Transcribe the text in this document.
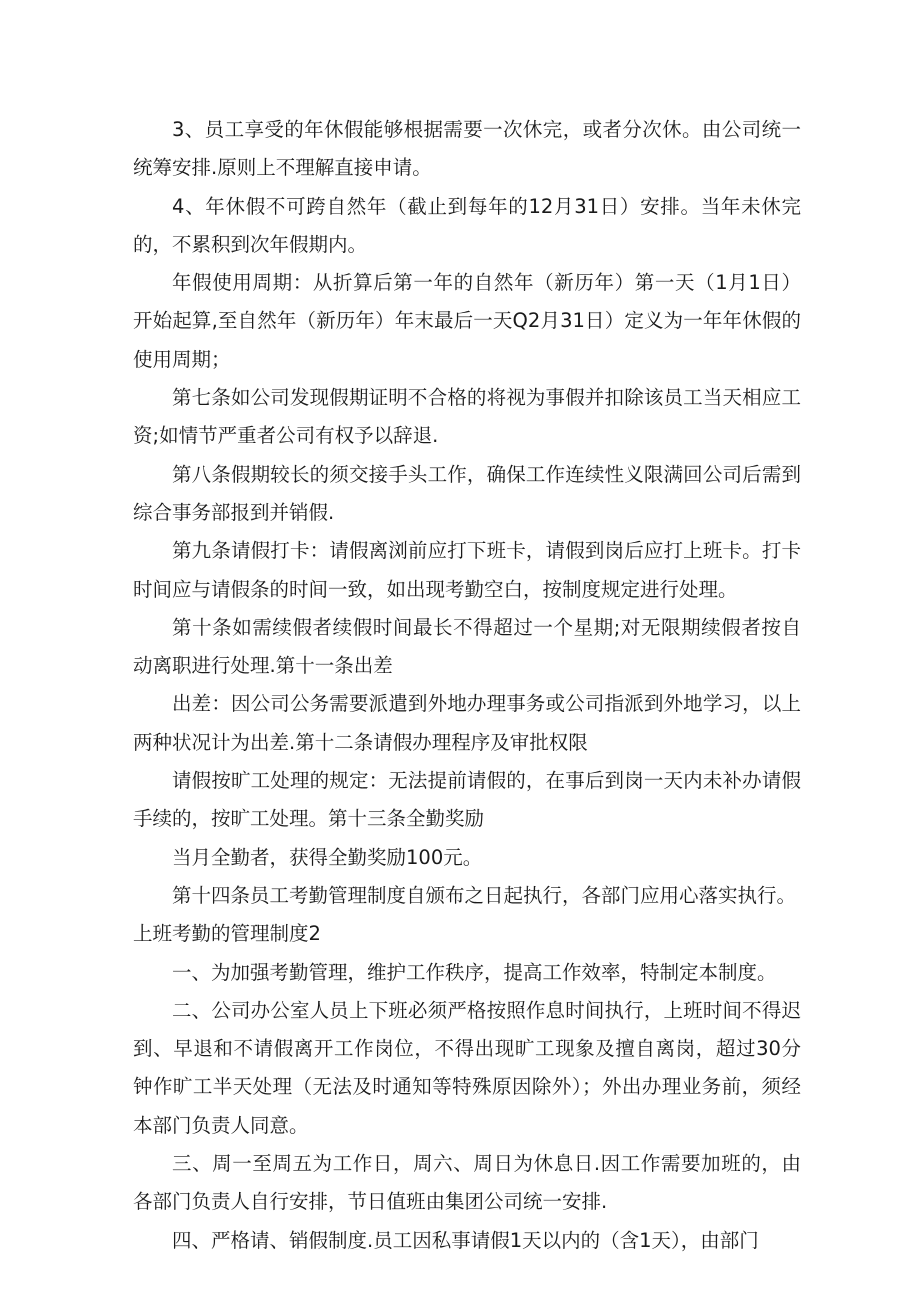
3、员工享受的年休假能够根据需要一次休完，或者分次休。由公司统一统筹安排.原则上不理解直接申请。

4、年休假不可跨自然年（截止到每年的12月31日）安排。当年未休完的，不累积到次年假期内。

年假使用周期：从折算后第一年的自然年（新历年）第一天（1月1日）开始起算,至自然年（新历年）年末最后一天Q2月31日）定义为一年年休假的使用周期；

第七条如公司发现假期证明不合格的将视为事假并扣除该员工当天相应工资;如情节严重者公司有权予以辞退.

第八条假期较长的须交接手头工作，确保工作连续性义限满回公司后需到综合事务部报到并销假.

第九条请假打卡：请假离浏前应打下班卡，请假到岗后应打上班卡。打卡时间应与请假条的时间一致，如出现考勤空白，按制度规定进行处理。

第十条如需续假者续假时间最长不得超过一个星期;对无限期续假者按自动离职进行处理.第十一条出差

出差：因公司公务需要派遣到外地办理事务或公司指派到外地学习，以上两种状况计为出差.第十二条请假办理程序及审批权限

请假按旷工处理的规定：无法提前请假的，在事后到岗一天内未补办请假手续的，按旷工处理。第十三条全勤奖励

当月全勤者，获得全勤奖励100元。

第十四条员工考勤管理制度自颁布之日起执行，各部门应用心落实执行。

上班考勤的管理制度2

一、为加强考勤管理，维护工作秩序，提高工作效率，特制定本制度。

二、公司办公室人员上下班必须严格按照作息时间执行，上班时间不得迟到、早退和不请假离开工作岗位，不得出现旷工现象及擅自离岗，超过30分钟作旷工半天处理（无法及时通知等特殊原因除外）；外出办理业务前，须经本部门负责人同意。

三、周一至周五为工作日，周六、周日为休息日.因工作需要加班的，由各部门负责人自行安排，节日值班由集团公司统一安排.

四、严格请、销假制度.员工因私事请假1天以内的（含1天），由部门
